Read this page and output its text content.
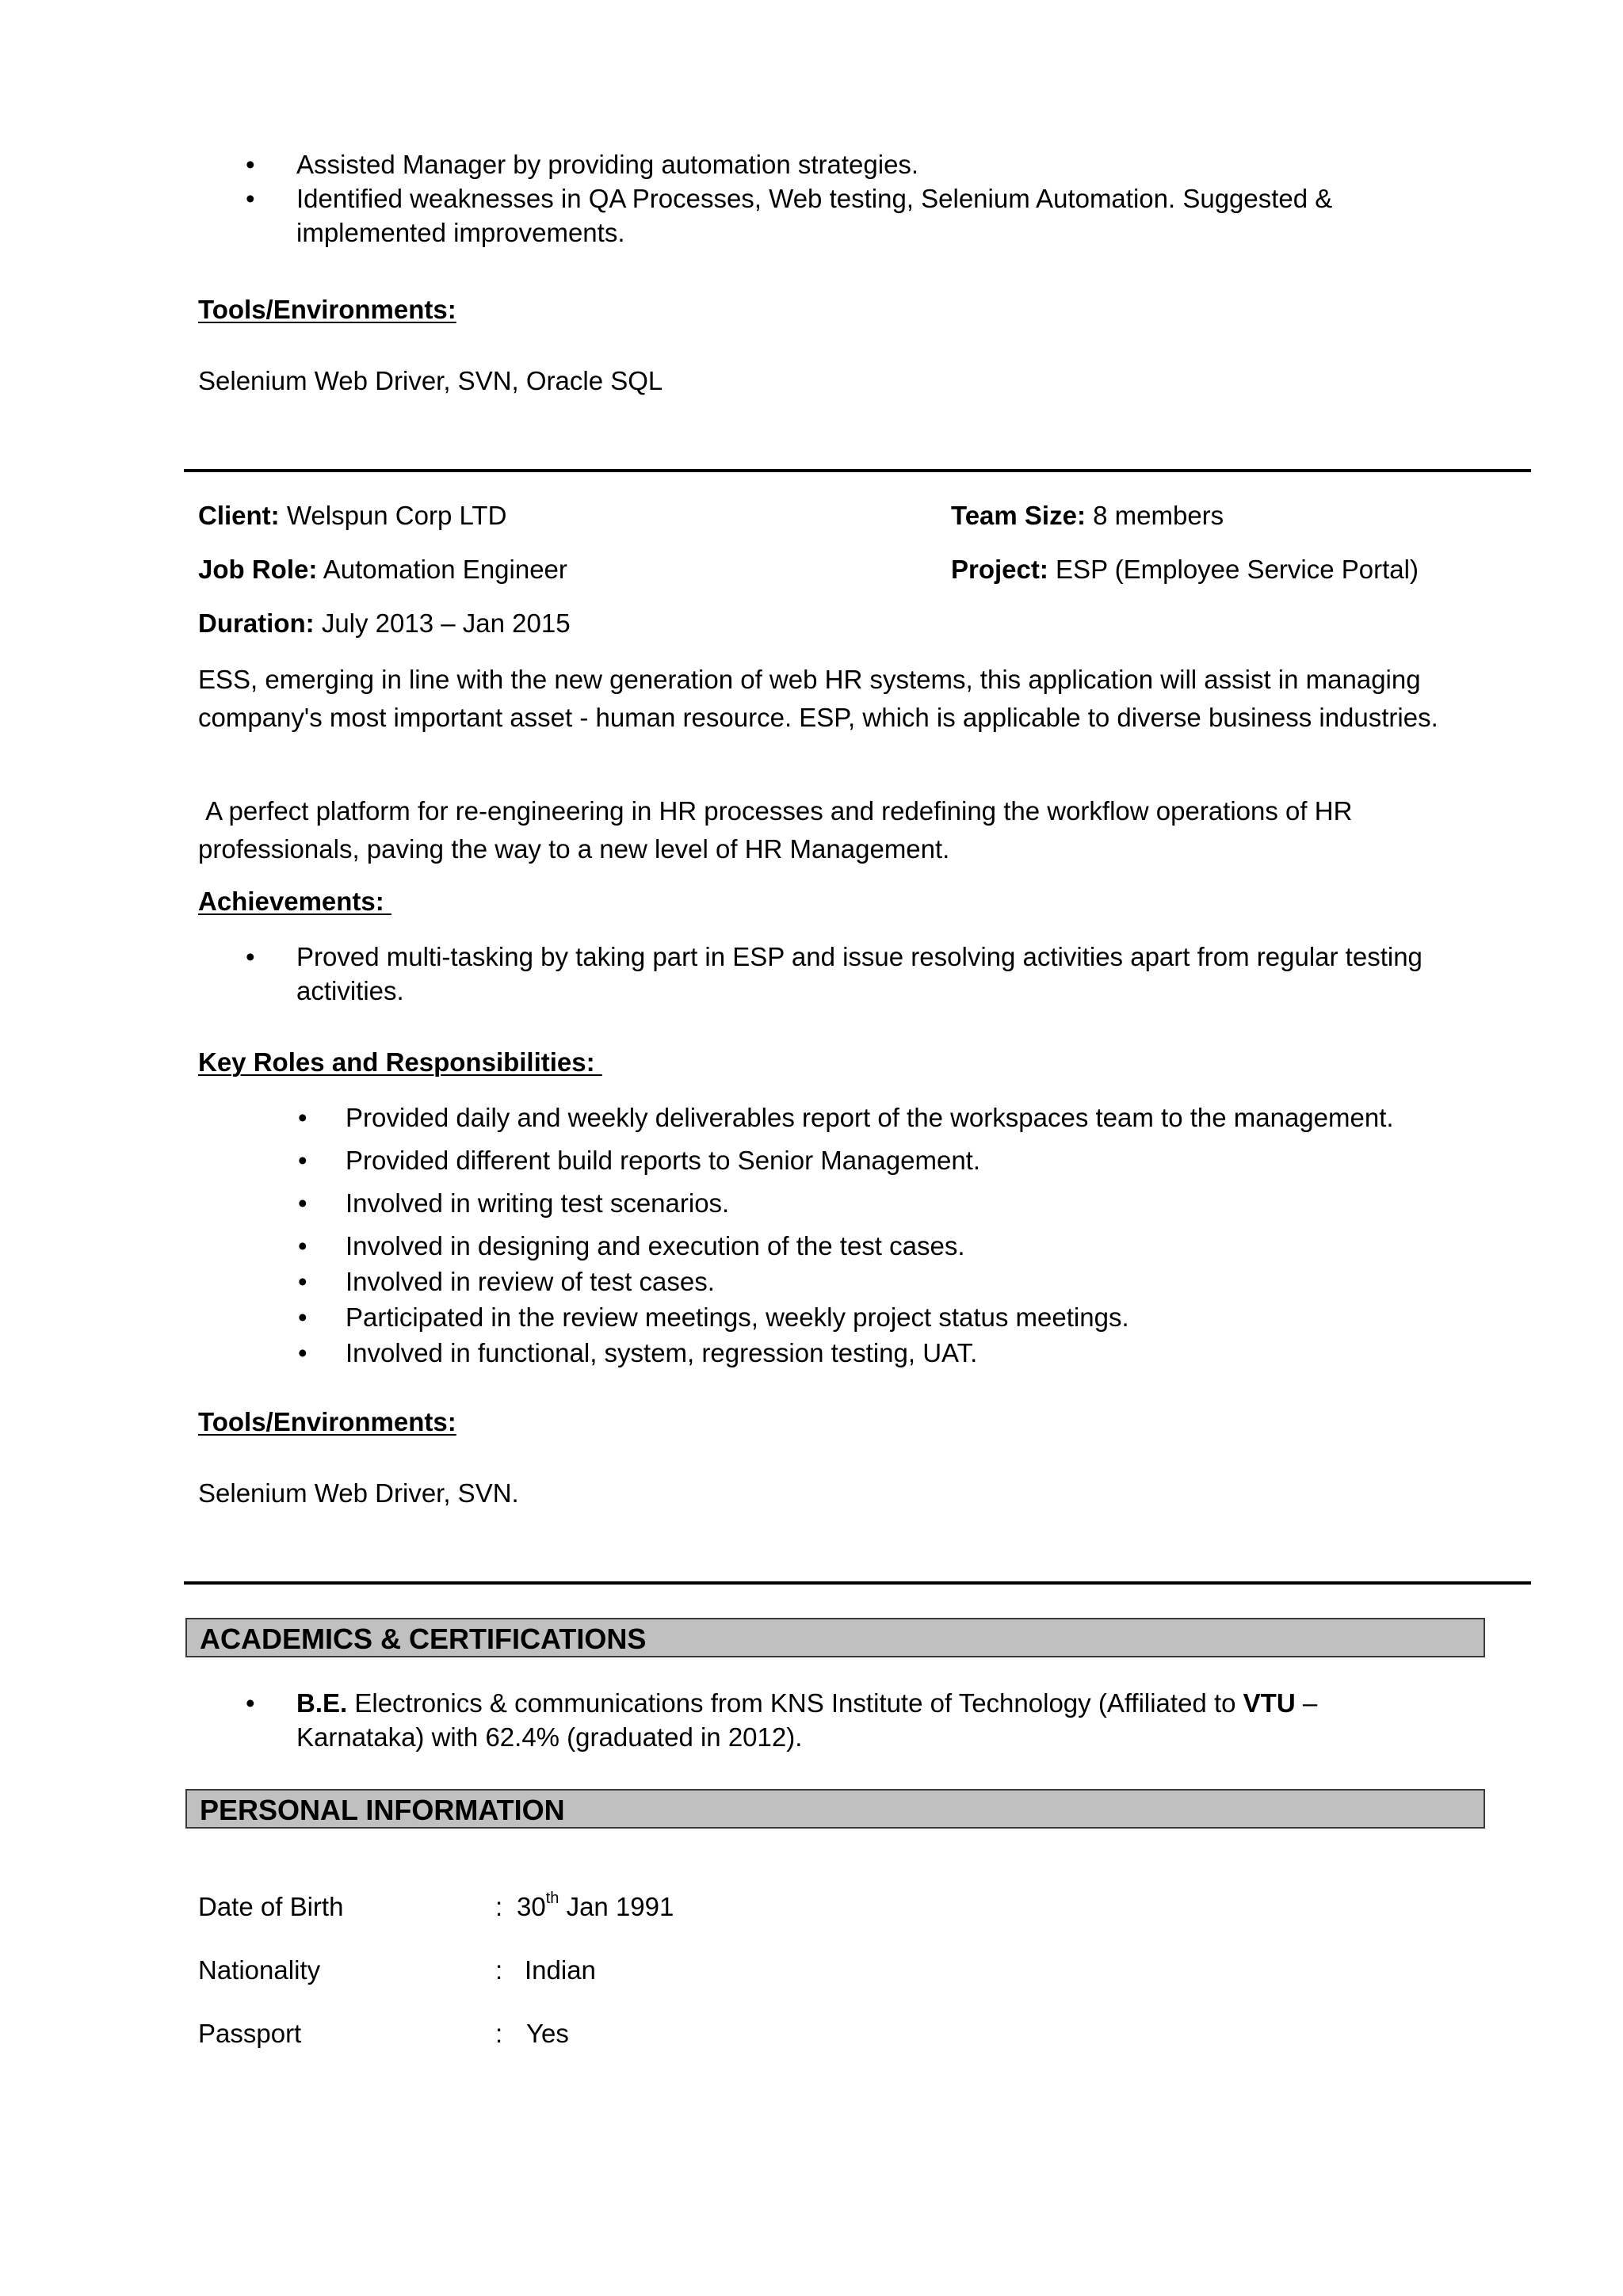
• Assisted Manager by providing automation strategies.
• Identified weaknesses in QA Processes, Web testing, Selenium Automation. Suggested & implemented improvements.
Tools/Environments:
Selenium Web Driver, SVN, Oracle SQL
Client: Welspun Corp LTD	Team Size: 8 members
Job Role: Automation Engineer	Project: ESP (Employee Service Portal)
Duration: July 2013 – Jan 2015
ESS, emerging in line with the new generation of web HR systems, this application will assist in managing company's most important asset - human resource. ESP, which is applicable to diverse business industries.
A perfect platform for re-engineering in HR processes and redefining the workflow operations of HR professionals, paving the way to a new level of HR Management.
Achievements:
• Proved multi-tasking by taking part in ESP and issue resolving activities apart from regular testing activities.
Key Roles and Responsibilities:
• Provided daily and weekly deliverables report of the workspaces team to the management.
• Provided different build reports to Senior Management.
• Involved in writing test scenarios.
• Involved in designing and execution of the test cases.
• Involved in review of test cases.
• Participated in the review meetings, weekly project status meetings.
• Involved in functional, system, regression testing, UAT.
Tools/Environments:
Selenium Web Driver, SVN.
ACADEMICS & CERTIFICATIONS
• B.E. Electronics & communications from KNS Institute of Technology (Affiliated to VTU – Karnataka) with 62.4% (graduated in 2012).
PERSONAL INFORMATION
Date of Birth	: 30th Jan 1991
Nationality	: Indian
Passport	: Yes
